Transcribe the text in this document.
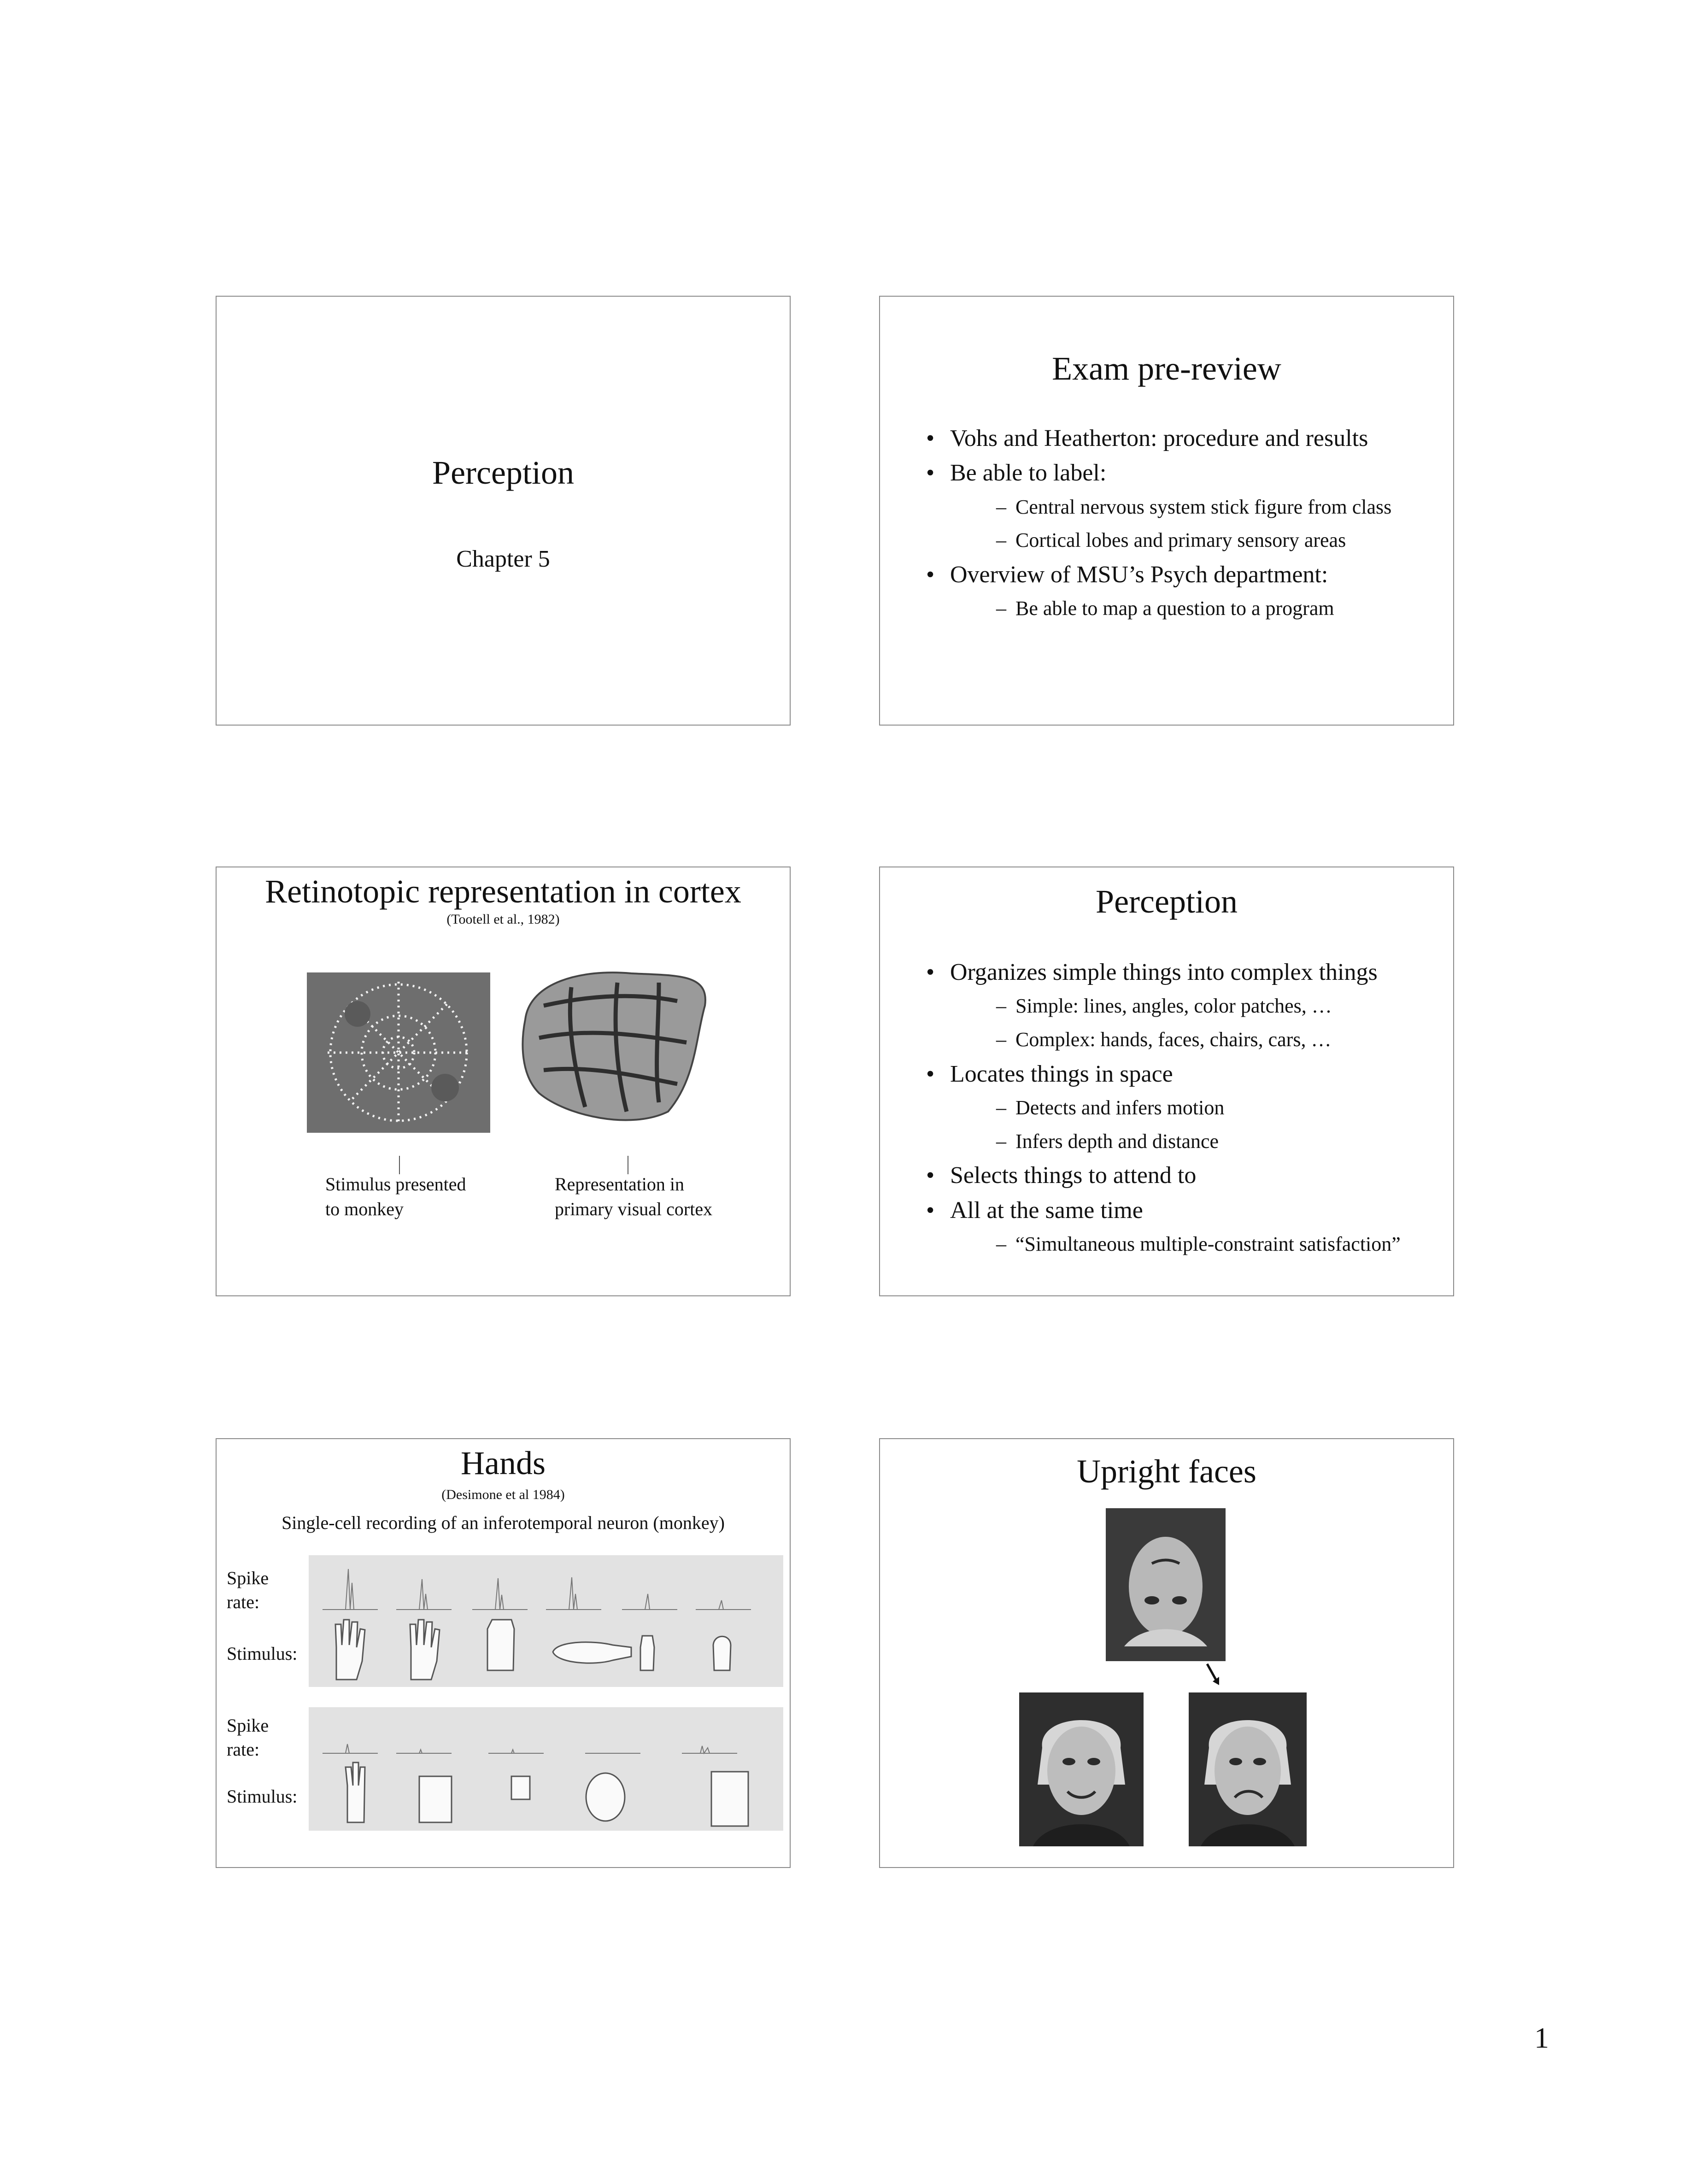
Perception
Chapter 5
Exam pre-review
• Vohs and Heatherton: procedure and results
• Be able to label:
– Central nervous system stick figure from class
– Cortical lobes and primary sensory areas
• Overview of MSU’s Psych department:
– Be able to map a question to a program
Retinotopic representation in cortex
(Tootell et al., 1982)
Stimulus presented
to monkey
Representation in
primary visual cortex
Perception
• Organizes simple things into complex things
– Simple: lines, angles, color patches, …
– Complex: hands, faces, chairs, cars, …
• Locates things in space
– Detects and infers motion
– Infers depth and distance
• Selects things to attend to
• All at the same time
– “Simultaneous multiple-constraint satisfaction”
Hands
(Desimone et al 1984)
Single-cell recording of an inferotemporal neuron (monkey)
Spike
rate:
Stimulus:
Spike
rate:
Stimulus:
Upright faces
1
